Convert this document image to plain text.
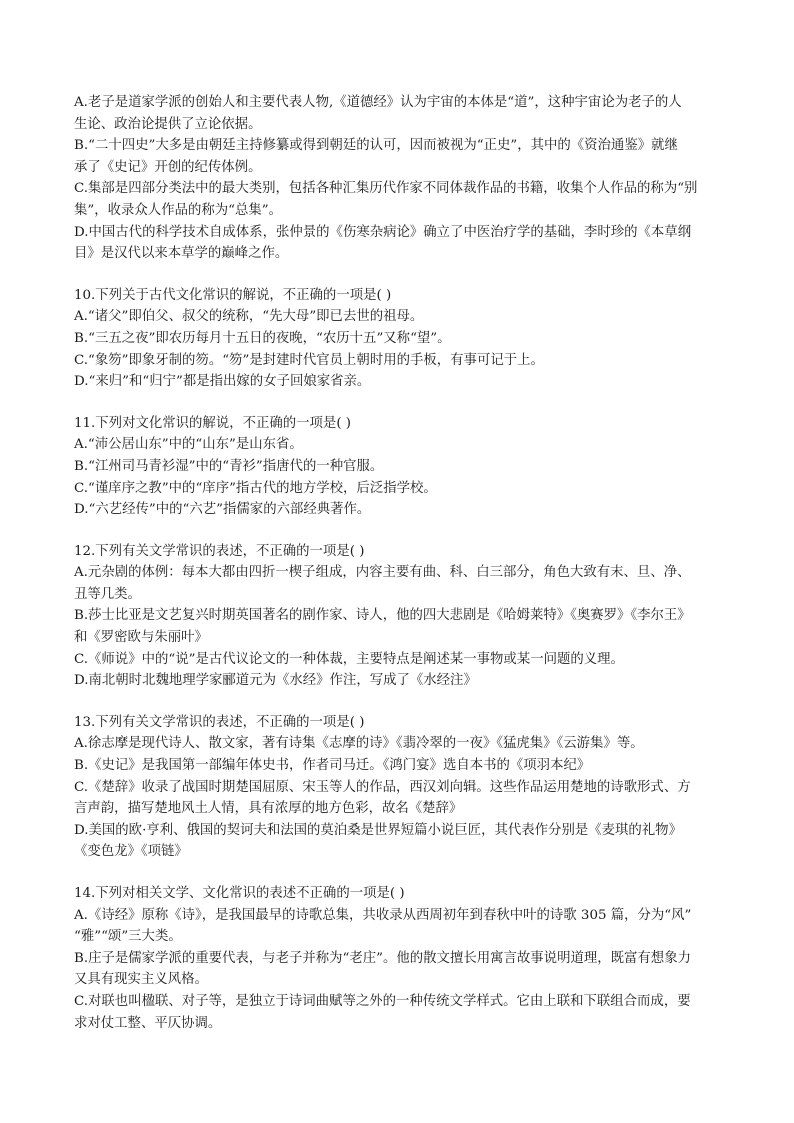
A.老子是道家学派的创始人和主要代表人物,《道德经》认为宇宙的本体是“道”，这种宇宙论为老子的人

生论、政治论提供了立论依据。

B.“二十四史”大多是由朝廷主持修纂或得到朝廷的认可，因而被视为“正史”，其中的《资治通鉴》就继

承了《史记》开创的纪传体例。

C.集部是四部分类法中的最大类别，包括各种汇集历代作家不同体裁作品的书籍，收集个人作品的称为“别

集”，收录众人作品的称为“总集”。

D.中国古代的科学技术自成体系，张仲景的《伤寒杂病论》确立了中医治疗学的基础，李时珍的《本草纲

目》是汉代以来本草学的巅峰之作。

10.下列关于古代文化常识的解说，不正确的一项是( )

A.“诸父”即伯父、叔父的统称，“先大母”即已去世的祖母。

B.“三五之夜”即农历每月十五日的夜晚，“农历十五”又称“望”。

C.“象笏”即象牙制的笏。“笏”是封建时代官员上朝时用的手板，有事可记于上。

D.“来归”和“归宁”都是指出嫁的女子回娘家省亲。

11.下列对文化常识的解说，不正确的一项是( )

A.“沛公居山东”中的“山东”是山东省。

B.“江州司马青衫湿”中的“青衫”指唐代的一种官服。

C.“谨庠序之教”中的“庠序”指古代的地方学校，后泛指学校。

D.“六艺经传”中的“六艺”指儒家的六部经典著作。

12.下列有关文学常识的表述，不正确的一项是( )

A.元杂剧的体例：每本大都由四折一楔子组成，内容主要有曲、科、白三部分，角色大致有末、旦、净、

丑等几类。

B.莎士比亚是文艺复兴时期英国著名的剧作家、诗人，他的四大悲剧是《哈姆莱特》《奥赛罗》《李尔王》

和《罗密欧与朱丽叶》

C.《师说》中的“说”是古代议论文的一种体裁，主要特点是阐述某一事物或某一问题的义理。

D.南北朝时北魏地理学家郦道元为《水经》作注，写成了《水经注》

13.下列有关文学常识的表述，不正确的一项是( )

A.徐志摩是现代诗人、散文家，著有诗集《志摩的诗》《翡冷翠的一夜》《猛虎集》《云游集》等。

B.《史记》是我国第一部编年体史书，作者司马迁。《鸿门宴》选自本书的《项羽本纪》

C.《楚辞》收录了战国时期楚国屈原、宋玉等人的作品，西汉刘向辑。这些作品运用楚地的诗歌形式、方

言声韵，描写楚地风土人情，具有浓厚的地方色彩，故名《楚辞》

D.美国的欧·亨利、俄国的契诃夫和法国的莫泊桑是世界短篇小说巨匠，其代表作分别是《麦琪的礼物》

《变色龙》《项链》

14.下列对相关文学、文化常识的表述不正确的一项是( )

A.《诗经》原称《诗》，是我国最早的诗歌总集，共收录从西周初年到春秋中叶的诗歌 305 篇，分为“风”

“雅”“颂”三大类。

B.庄子是儒家学派的重要代表，与老子并称为“老庄”。他的散文擅长用寓言故事说明道理，既富有想象力

又具有现实主义风格。

C.对联也叫楹联、对子等，是独立于诗词曲赋等之外的一种传统文学样式。它由上联和下联组合而成，要

求对仗工整、平仄协调。
